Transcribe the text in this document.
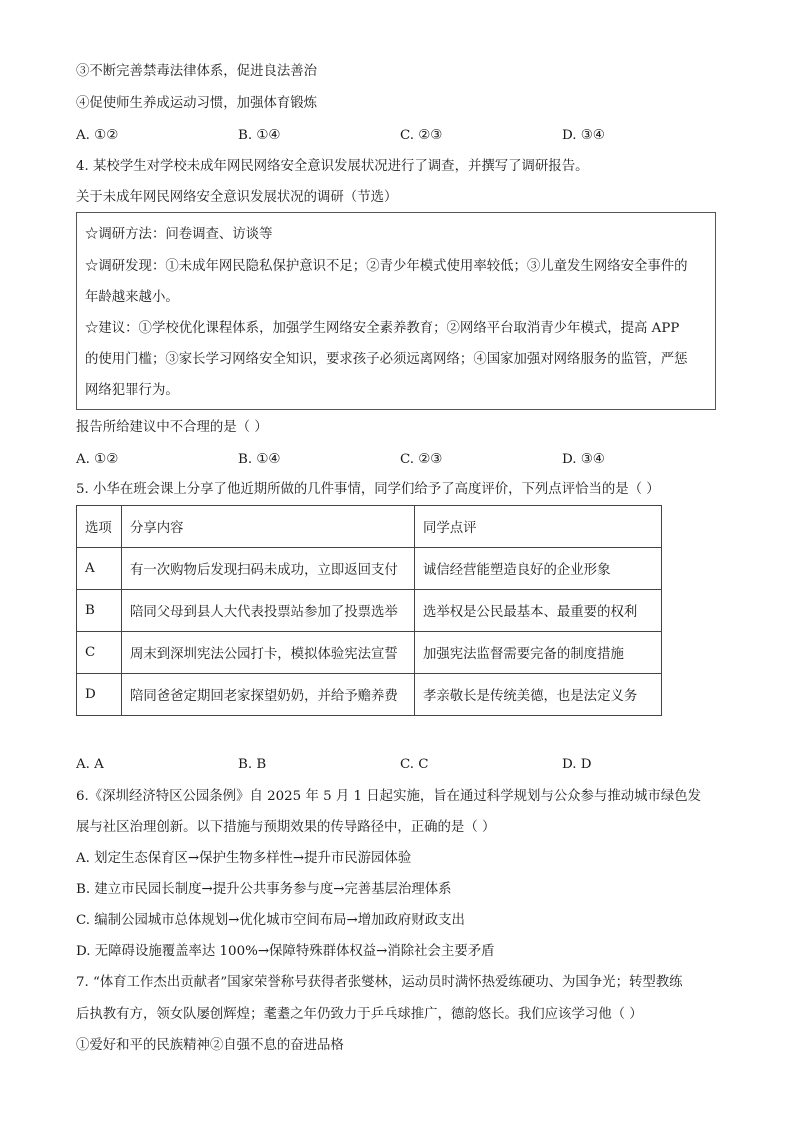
③不断完善禁毒法律体系，促进良法善治
④促使师生养成运动习惯，加强体育锻炼
A. ①②	B. ①④	C. ②③	D. ③④
4. 某校学生对学校未成年网民网络安全意识发展状况进行了调查，并撰写了调研报告。
关于未成年网民网络安全意识发展状况的调研（节选）
☆调研方法：问卷调查、访谈等
☆调研发现：①未成年网民隐私保护意识不足；②青少年模式使用率较低；③儿童发生网络安全事件的
年龄越来越小。
☆建议：①学校优化课程体系，加强学生网络安全素养教育；②网络平台取消青少年模式，提高 APP
的使用门槛；③家长学习网络安全知识，要求孩子必须远离网络；④国家加强对网络服务的监管，严惩
网络犯罪行为。
报告所给建议中不合理的是（ ）
A. ①②	B. ①④	C. ②③	D. ③④
5. 小华在班会课上分享了他近期所做的几件事情，同学们给予了高度评价，下列点评恰当的是（ ）
选项	分享内容	同学点评
A	有一次购物后发现扫码未成功，立即返回支付	诚信经营能塑造良好的企业形象
B	陪同父母到县人大代表投票站参加了投票选举	选举权是公民最基本、最重要的权利
C	周末到深圳宪法公园打卡，模拟体验宪法宣誓	加强宪法监督需要完备的制度措施
D	陪同爸爸定期回老家探望奶奶，并给予赡养费	孝亲敬长是传统美德，也是法定义务
A. A	B. B	C. C	D. D
6.《深圳经济特区公园条例》自 2025 年 5 月 1 日起实施，旨在通过科学规划与公众参与推动城市绿色发
展与社区治理创新。以下措施与预期效果的传导路径中，正确的是（ ）
A. 划定生态保育区→保护生物多样性→提升市民游园体验
B. 建立市民园长制度→提升公共事务参与度→完善基层治理体系
C. 编制公园城市总体规划→优化城市空间布局→增加政府财政支出
D. 无障碍设施覆盖率达 100%→保障特殊群体权益→消除社会主要矛盾
7. “体育工作杰出贡献者”国家荣誉称号获得者张燮林，运动员时满怀热爱练硬功、为国争光；转型教练
后执教有方，领女队屡创辉煌；耄耋之年仍致力于乒乓球推广，德韵悠长。我们应该学习他（ ）
①爱好和平的民族精神②自强不息的奋进品格
